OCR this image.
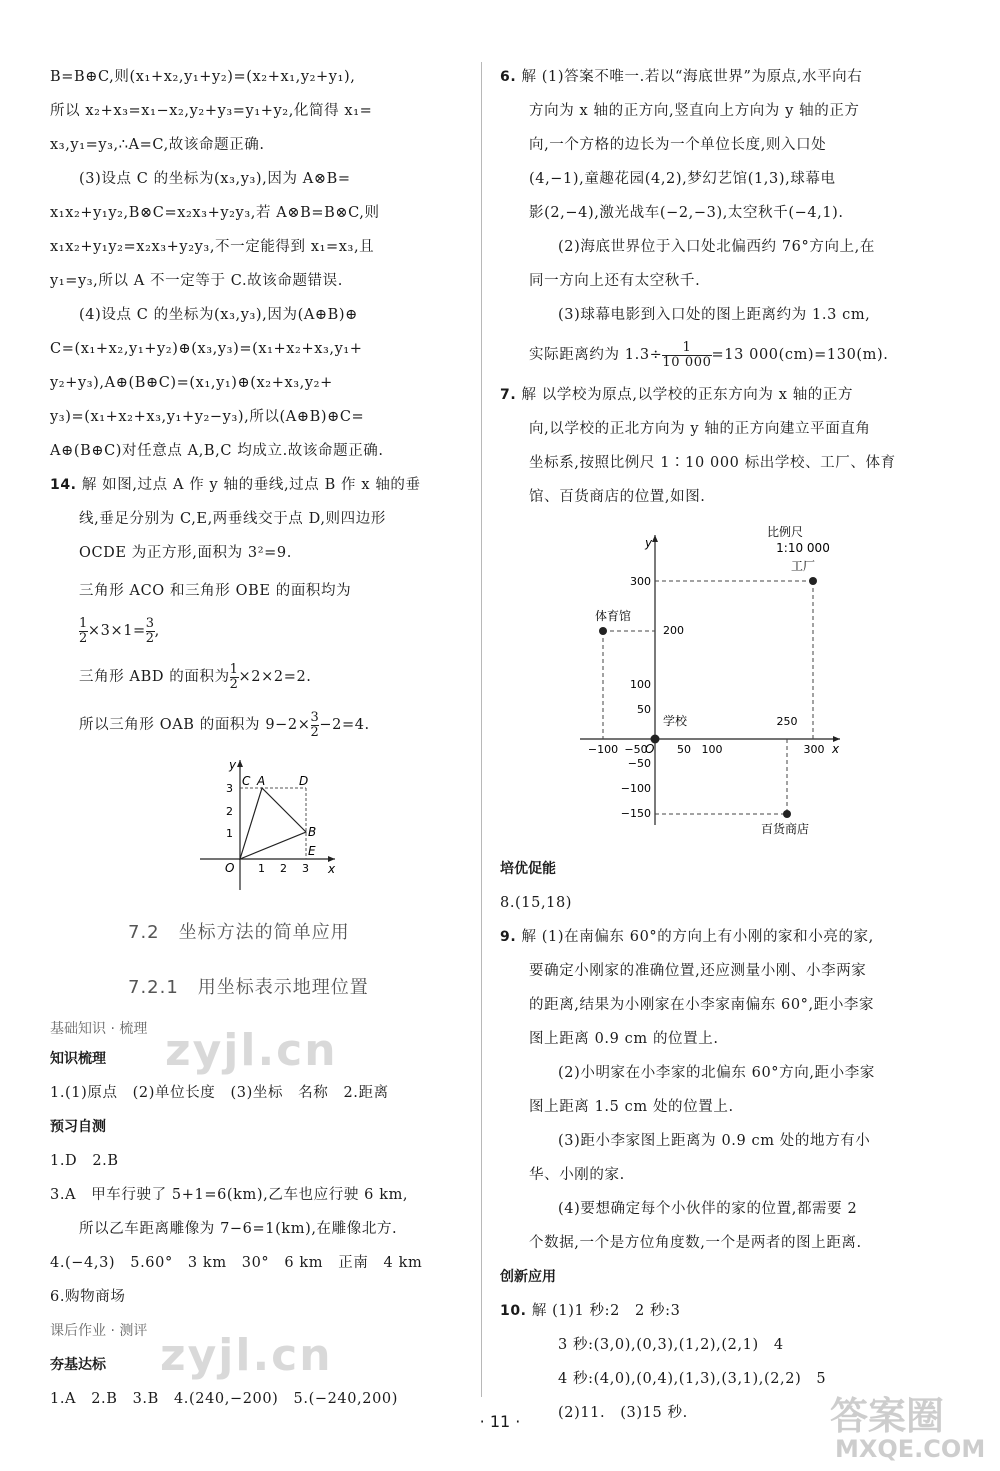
B=B⊕C,则(x₁+x₂,y₁+y₂)=(x₂+x₁,y₂+y₁),

所以 x₂+x₃=x₁−x₂,y₂+y₃=y₁+y₂,化简得 x₁=

x₃,y₁=y₃,∴A=C,故该命题正确.

(3)设点 C 的坐标为(x₃,y₃),因为 A⊗B=

x₁x₂+y₁y₂,B⊗C=x₂x₃+y₂y₃,若 A⊗B=B⊗C,则

x₁x₂+y₁y₂=x₂x₃+y₂y₃,不一定能得到 x₁=x₃,且

y₁=y₃,所以 A 不一定等于 C.故该命题错误.

(4)设点 C 的坐标为(x₃,y₃),因为(A⊕B)⊕

C=(x₁+x₂,y₁+y₂)⊕(x₃,y₃)=(x₁+x₂+x₃,y₁+

y₂+y₃),A⊕(B⊕C)=(x₁,y₁)⊕(x₂+x₃,y₂+

y₃)=(x₁+x₂+x₃,y₁+y₂−y₃),所以(A⊕B)⊕C=

A⊕(B⊕C)对任意点 A,B,C 均成立.故该命题正确.

14. 解 如图,过点 A 作 y 轴的垂线,过点 B 作 x 轴的垂

线,垂足分别为 C,E,两垂线交于点 D,则四边形

OCDE 为正方形,面积为 3²=9.

三角形 ACO 和三角形 OBE 的面积均为

$\frac{1}{2} \times 3\times 1= \frac{3}{2}$ ,

三角形 ABD 的面积为 $\frac{1}{2} \times 2\times 2=2$.

所以三角形 OAB 的面积为 $9-2\times \frac{3}{2} -2=4$.

y
x
O
3
2
1
1 2 3
C A	D
B
E
7.2　坐标方法的简单应用
7.2.1　用坐标表示地理位置

基础知识 · 梳理

知识梳理

1.(1)原点　(2)单位长度　(3)坐标　名称　2.距离

预习自测

1.D　2.B

3.A　甲车行驶了 5+1=6(km),乙车也应行驶 6 km,

所以乙车距离雕像为 7−6=1(km),在雕像北方.

4.(−4,3)　5.60°　3 km　30°　6 km　正南　4 km

6.购物商场

课后作业 · 测评

夯基达标

1.A　2.B　3.B　4.(240,−200)　5.(−240,200)

6. 解 (1)答案不唯一.若以“海底世界”为原点,水平向右

方向为 x 轴的正方向,竖直向上方向为 y 轴的正方

向,一个方格的边长为一个单位长度,则入口处

(4,−1),童趣花园(4,2),梦幻艺馆(1,3),球幕电

影(2,−4),激光战车(−2,−3),太空秋千(−4,1).

(2)海底世界位于入口处北偏西约 76°方向上,在

同一方向上还有太空秋千.

(3)球幕电影到入口处的图上距离约为 1.3 cm,

实际距离约为 $1.3\div \frac{1}{10 000} =13$ 000(cm)=130(m).

7. 解 以学校为原点,以学校的正东方向为 x 轴的正方

向,以学校的正北方向为 y 轴的正方向建立平面直角

坐标系,按照比例尺 1∶10 000 标出学校、工厂、体育

馆、百货商店的位置,如图.

比例尺
1:10 000
工厂
y
x
O
300
200
100
50
−50
−100
−150
−100 −50	50 100
250
300
体育馆
学校
百货商店

培优促能

8.(15,18)

9. 解 (1)在南偏东 60°的方向上有小刚的家和小亮的家,

要确定小刚家的准确位置,还应测量小刚、小李两家

的距离,结果为小刚家在小李家南偏东 60°,距小李家

图上距离 0.9 cm 的位置上.

(2)小明家在小李家的北偏东 60°方向,距小李家

图上距离 1.5 cm 处的位置上.

(3)距小李家图上距离为 0.9 cm 处的地方有小

华、小刚的家.

(4)要想确定每个小伙伴的家的位置,都需要 2

个数据,一个是方位角度数,一个是两者的图上距离.

创新应用

10. 解 (1)1 秒:2　2 秒:3

3 秒:(3,0),(0,3),(1,2),(2,1)　4

4 秒:(4,0),(0,4),(1,3),(3,1),(2,2)　5

(2)11.　(3)15 秒.

zyjl.cn
zyjl.cn
答案圈
MXQE.COM
· 11 ·
